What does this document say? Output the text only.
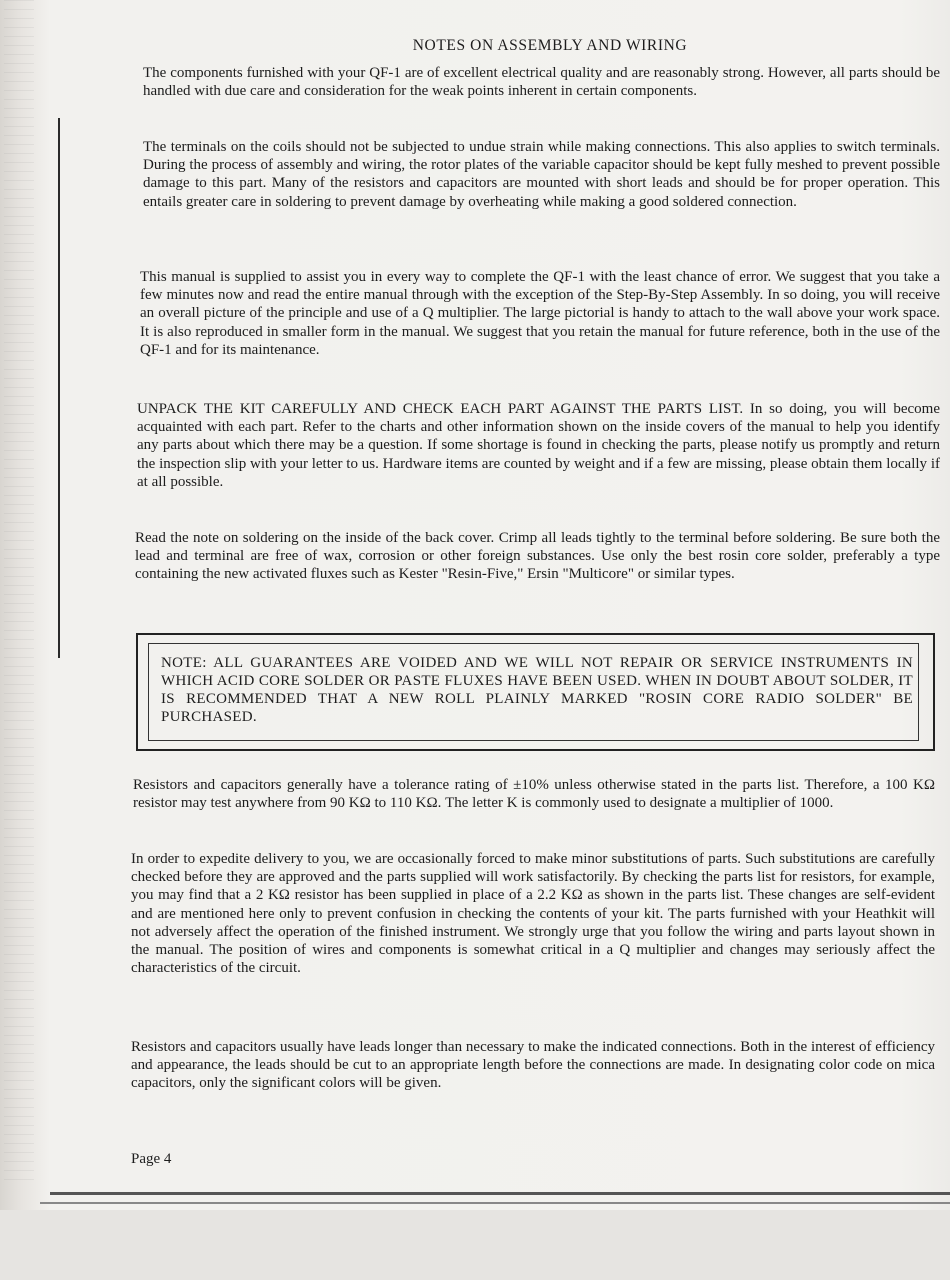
NOTES ON ASSEMBLY AND WIRING

The components furnished with your QF-1 are of excellent electrical quality and are reasonably strong. However, all parts should be handled with due care and consideration for the weak points inherent in certain components.

The terminals on the coils should not be subjected to undue strain while making connections. This also applies to switch terminals. During the process of assembly and wiring, the rotor plates of the variable capacitor should be kept fully meshed to prevent possible damage to this part. Many of the resistors and capacitors are mounted with short leads and should be for proper operation. This entails greater care in soldering to prevent damage by overheating while making a good soldered connection.

This manual is supplied to assist you in every way to complete the QF-1 with the least chance of error. We suggest that you take a few minutes now and read the entire manual through with the exception of the Step-By-Step Assembly. In so doing, you will receive an overall picture of the principle and use of a Q multiplier. The large pictorial is handy to attach to the wall above your work space. It is also reproduced in smaller form in the manual. We suggest that you retain the manual for future reference, both in the use of the QF-1 and for its maintenance.

UNPACK THE KIT CAREFULLY AND CHECK EACH PART AGAINST THE PARTS LIST. In so doing, you will become acquainted with each part. Refer to the charts and other information shown on the inside covers of the manual to help you identify any parts about which there may be a question. If some shortage is found in checking the parts, please notify us promptly and return the inspection slip with your letter to us. Hardware items are counted by weight and if a few are missing, please obtain them locally if at all possible.

Read the note on soldering on the inside of the back cover. Crimp all leads tightly to the terminal before soldering. Be sure both the lead and terminal are free of wax, corrosion or other foreign substances. Use only the best rosin core solder, preferably a type containing the new activated fluxes such as Kester "Resin-Five," Ersin "Multicore" or similar types.

NOTE: ALL GUARANTEES ARE VOIDED AND WE WILL NOT REPAIR OR SERVICE INSTRUMENTS IN WHICH ACID CORE SOLDER OR PASTE FLUXES HAVE BEEN USED. WHEN IN DOUBT ABOUT SOLDER, IT IS RECOMMENDED THAT A NEW ROLL PLAINLY MARKED "ROSIN CORE RADIO SOLDER" BE PURCHASED.

Resistors and capacitors generally have a tolerance rating of ±10% unless otherwise stated in the parts list. Therefore, a 100 KΩ resistor may test anywhere from 90 KΩ to 110 KΩ. The letter K is commonly used to designate a multiplier of 1000.

In order to expedite delivery to you, we are occasionally forced to make minor substitutions of parts. Such substitutions are carefully checked before they are approved and the parts supplied will work satisfactorily. By checking the parts list for resistors, for example, you may find that a 2 KΩ resistor has been supplied in place of a 2.2 KΩ as shown in the parts list. These changes are self-evident and are mentioned here only to prevent confusion in checking the contents of your kit. The parts furnished with your Heathkit will not adversely affect the operation of the finished instrument. We strongly urge that you follow the wiring and parts layout shown in the manual. The position of wires and components is somewhat critical in a Q multiplier and changes may seriously affect the characteristics of the circuit.

Resistors and capacitors usually have leads longer than necessary to make the indicated connections. Both in the interest of efficiency and appearance, the leads should be cut to an appropriate length before the connections are made. In designating color code on mica capacitors, only the significant colors will be given.

Page 4
